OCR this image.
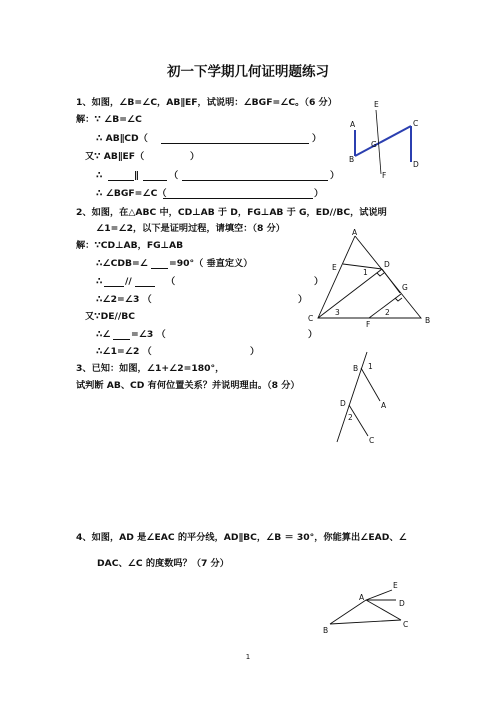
初一下学期几何证明题练习
1、如图，∠B=∠C，AB∥EF，试说明：∠BGF=∠C。（6 分）
解：∵ ∠B=∠C
∴ AB∥CD（	）
又∵ AB∥EF（	）
∴	∥	（	）
∴ ∠BGF=∠C（	）
A
B
C
D
E
F
G
2、如图，在△ABC 中，CD⊥AB 于 D，FG⊥AB 于 G，ED//BC，试说明
∠1=∠2，以下是证明过程，请填空：（8 分）
解：∵CD⊥AB，FG⊥AB
∴∠CDB=∠ =90°（ 垂直定义）
∴ //	（	）
∴∠2=∠3 （	）
又∵DE//BC
∴∠ =∠3 （	）
∴∠1=∠2 （	）
A
B
C
D
E
F
G
1
2
3
3、已知：如图，∠1+∠2=180°，
试判断 AB、CD 有何位置关系？并说明理由。（8 分）
B
A
D
C
1
2
4、如图，AD 是∠EAC 的平分线，AD∥BC，∠B ＝ 30°，你能算出∠EAD、∠
DAC、∠C 的度数吗？（7 分）
A
B
C
D
E
1
